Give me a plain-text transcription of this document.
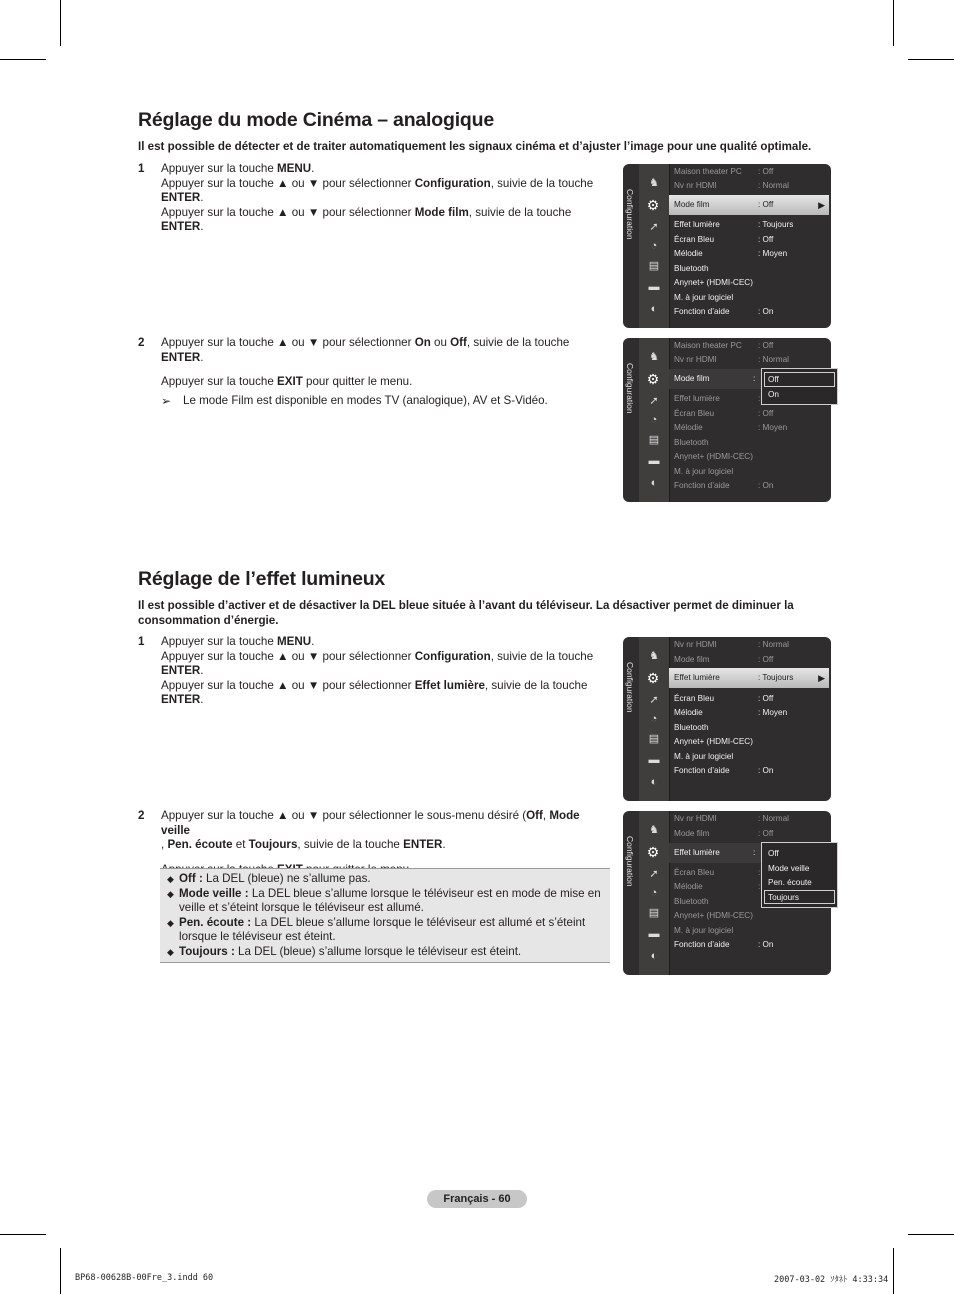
Réglage du mode Cinéma – analogique
Il est possible de détecter et de traiter automatiquement les signaux cinéma et d’ajuster l’image pour une qualité optimale.
1 Appuyer sur la touche MENU.

Appuyer sur la touche ▲ ou ▼ pour sélectionner Configuration, suivie de la touche
ENTER.

Appuyer sur la touche ▲ ou ▼ pour sélectionner Mode film, suivie de la touche
ENTER.

2 Appuyer sur la touche ▲ ou ▼ pour sélectionner On ou Off, suivie de la touche
ENTER.

Appuyer sur la touche EXIT pour quitter le menu.

➢	Le mode Film est disponible en modes TV (analogique), AV et S-Vidéo.
Réglage de l’effet lumineux
Il est possible d’activer et de désactiver la DEL bleue située à l’avant du téléviseur. La désactiver permet de diminuer la consommation d’énergie.
1 Appuyer sur la touche MENU.

Appuyer sur la touche ▲ ou ▼ pour sélectionner Configuration, suivie de la touche
ENTER.

Appuyer sur la touche ▲ ou ▼ pour sélectionner Effet lumière, suivie de la touche
ENTER.

2 Appuyer sur la touche ▲ ou ▼ pour sélectionner le sous-menu désiré (Off, Mode veille
, Pen. écoute et Toujours, suivie de la touche ENTER.

◆ Off : La DEL (bleue) ne s’allume pas.
◆ Mode veille : La DEL bleue s’allume lorsque le téléviseur est en mode de mise en veille et s’éteint lorsque le téléviseur est allumé.
◆ Pen. écoute : La DEL bleue s’allume lorsque le téléviseur est allumé et s’éteint lorsque le téléviseur est éteint.
◆ Toujours : La DEL (bleue) s’allume lorsque le téléviseur est éteint.
Configuration
♞
⚙
➚
◔
▤
▬
◐
Maison theater PC : Off
Nv nr HDMI	: Normal
Mode film	: Off	▶
Effet lumière	: Toujours
Écran Bleu	: Off
Mélodie	: Moyen
Bluetooth
Anynet+ (HDMI-CEC)
M. à jour logiciel
Fonction d’aide	: On
Configuration
♞
⚙
➚
◔
▤
▬
◐
Maison theater PC : Off
Nv nr HDMI	: Normal
Mode film	:
Effet lumière	:
Écran Bleu	: Off
Mélodie	: Moyen
Bluetooth
Anynet+ (HDMI-CEC)
M. à jour logiciel
Fonction d’aide	: On
Off
On
Configuration
♞
⚙
➚
◔
▤
▬
◐
Nv nr HDMI	: Normal
Mode film	: Off
Effet lumière	: Toujours	▶
Écran Bleu	: Off
Mélodie	: Moyen
Bluetooth
Anynet+ (HDMI-CEC)
M. à jour logiciel
Fonction d’aide	: On
Configuration
♞
⚙
➚
◔
▤
▬
◐
Nv nr HDMI	: Normal
Mode film	: Off
Effet lumière	:
Écran Bleu	:
Mélodie	:
Bluetooth
Anynet+ (HDMI-CEC)
M. à jour logiciel
Fonction d’aide	: On
Off
Mode veille
Pen. écoute
Toujours
Français - 60
BP68-00628B-00Fre_3.indd 60	2007-03-02 ｿﾀﾈﾄ 4:33:34
